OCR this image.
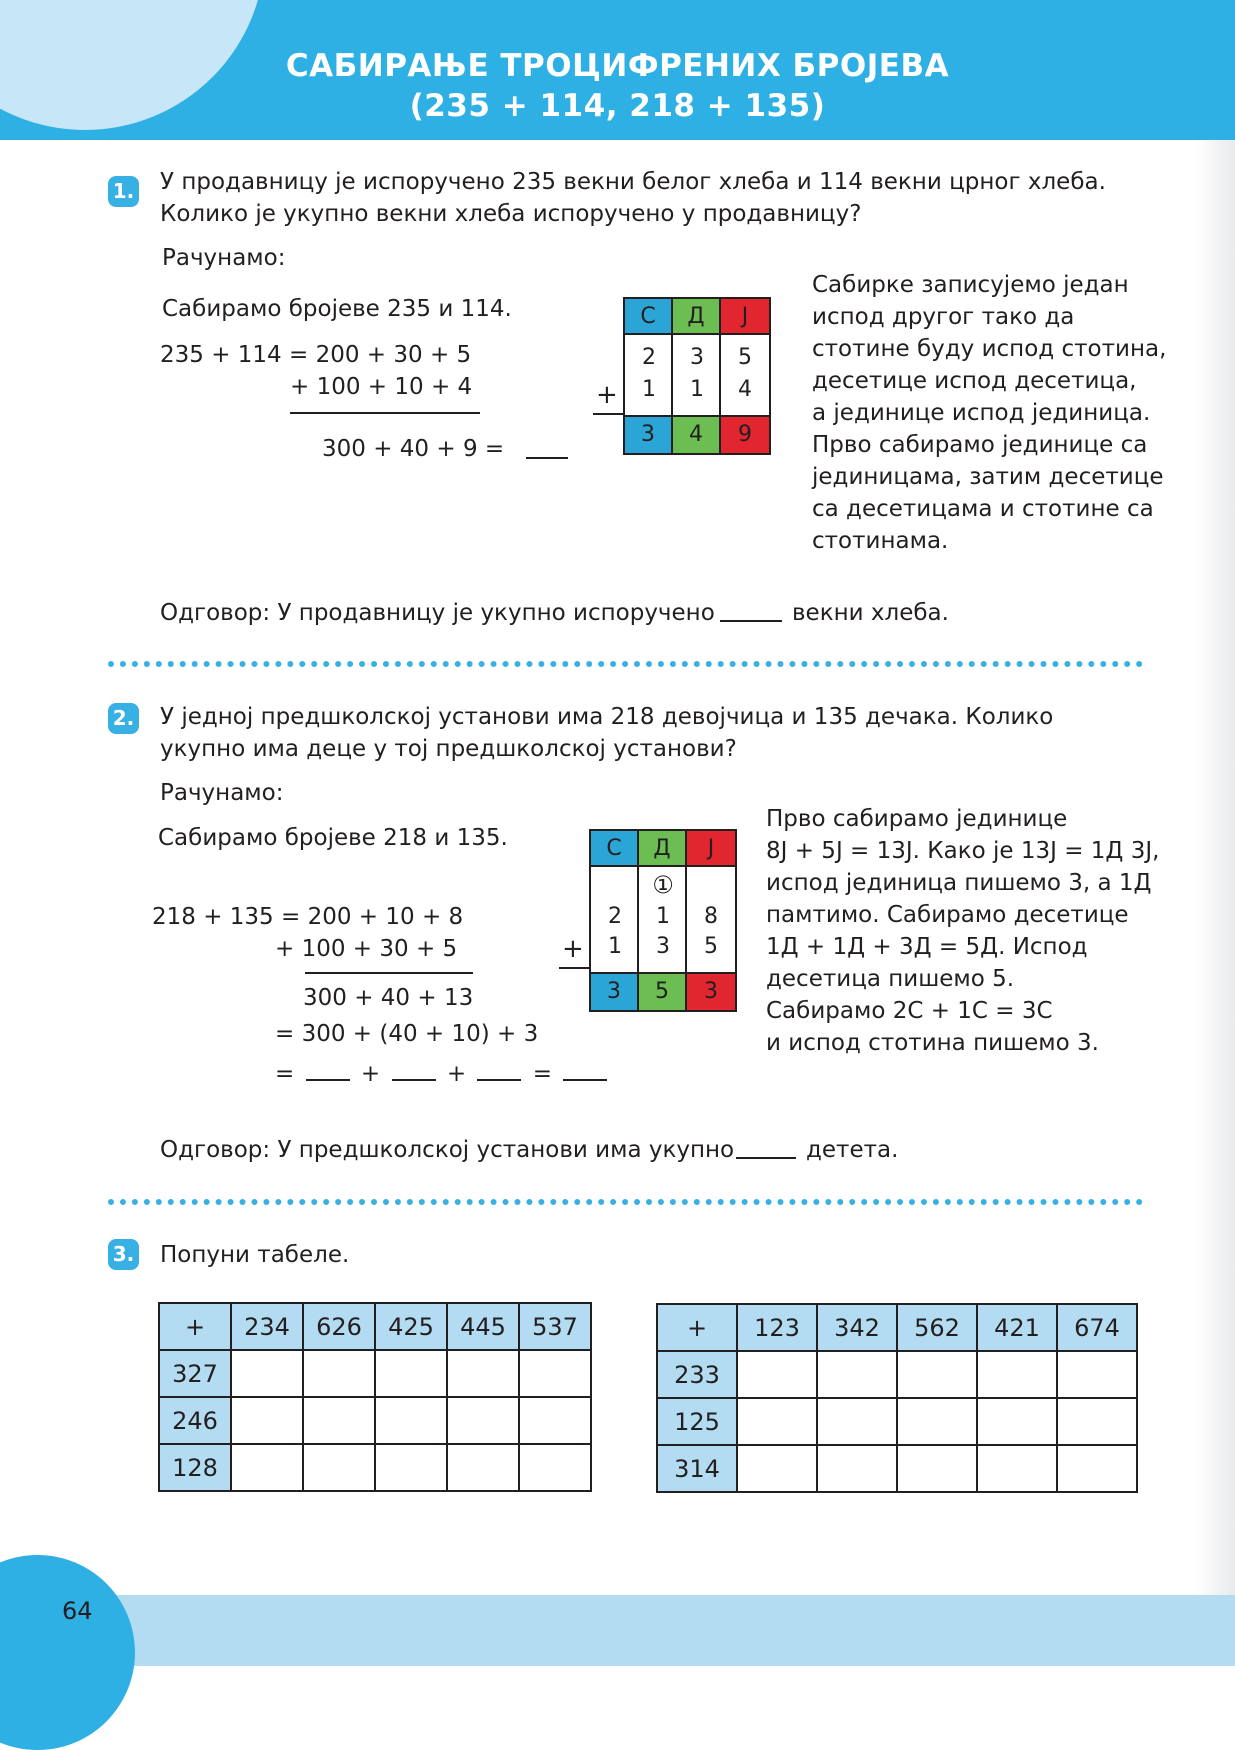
САБИРАЊЕ ТРОЦИФРЕНИХ БРОЈЕВА
(235 + 114, 218 + 135)
1. У продавницу је испоручено 235 векни белог хлеба и 114 векни црног хлеба.
Колико је укупно векни хлеба испоручено у продавницу?
Рачунамо:
Сабирамо бројеве 235 и 114.
235 + 114 = 200 + 30 + 5
+ 100 + 10 + 4
300 + 40 + 9 =
С	Д	Ј
2	3	5
1	1	4
3	4	9
+
Сабирке записујемо један
испод другог тако да
стотине буду испод стотина,
десетице испод десетица,
а јединице испод јединица.
Прво сабирамо јединице са
јединицама, затим десетице
са десетицама и стотине са
стотинама.
Одговор: У продавницу је укупно испоручено	векни хлеба.
2. У једној предшколској установи има 218 девојчица и 135 дечака. Колико
укупно има деце у тој предшколској установи?
Рачунамо:
Сабирамо бројеве 218 и 135.
218 + 135 = 200 + 10 + 8
+ 100 + 30 + 5
300 + 40 + 13
= 300 + (40 + 10) + 3
=	+	+	=
С	Д	Ј
①
2	1	8
1	3	5
3	5	3
+
Прво сабирамо јединице
8Ј + 5Ј = 13Ј. Како је 13Ј = 1Д 3Ј,
испод јединица пишемо 3, а 1Д
памтимо. Сабирамо десетице
1Д + 1Д + 3Д = 5Д. Испод
десетица пишемо 5.
Сабирамо 2С + 1С = 3С
и испод стотина пишемо 3.
Одговор: У предшколској установи има укупно	детета.
3. Попуни табеле.
+	234	626	425	445	537
327					
246					
128					
+	123	342	562	421	674
233					
125					
314					
64
